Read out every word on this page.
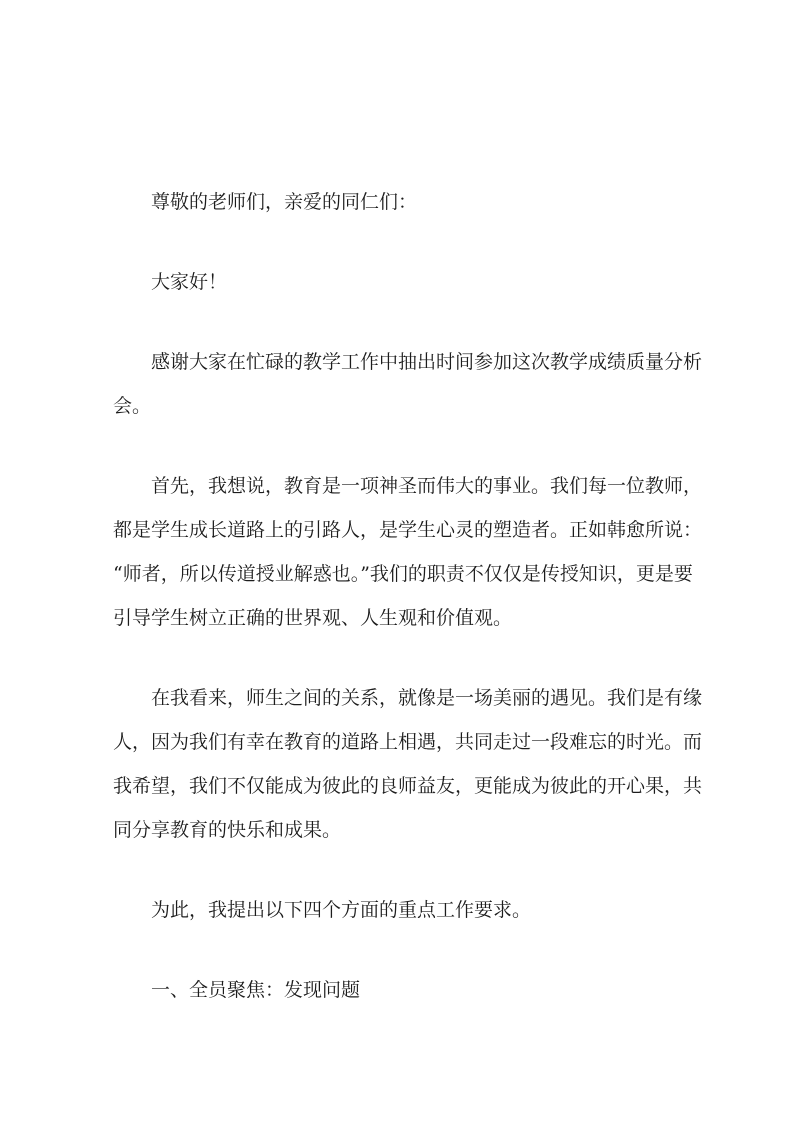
尊敬的老师们，亲爱的同仁们：

大家好！

感谢大家在忙碌的教学工作中抽出时间参加这次教学成绩质量分析会。

首先，我想说，教育是一项神圣而伟大的事业。我们每一位教师，都是学生成长道路上的引路人，是学生心灵的塑造者。正如韩愈所说：“师者，所以传道授业解惑也。”我们的职责不仅仅是传授知识，更是要引导学生树立正确的世界观、人生观和价值观。

在我看来，师生之间的关系，就像是一场美丽的遇见。我们是有缘人，因为我们有幸在教育的道路上相遇，共同走过一段难忘的时光。而我希望，我们不仅能成为彼此的良师益友，更能成为彼此的开心果，共同分享教育的快乐和成果。

为此，我提出以下四个方面的重点工作要求。

一、全员聚焦：发现问题
